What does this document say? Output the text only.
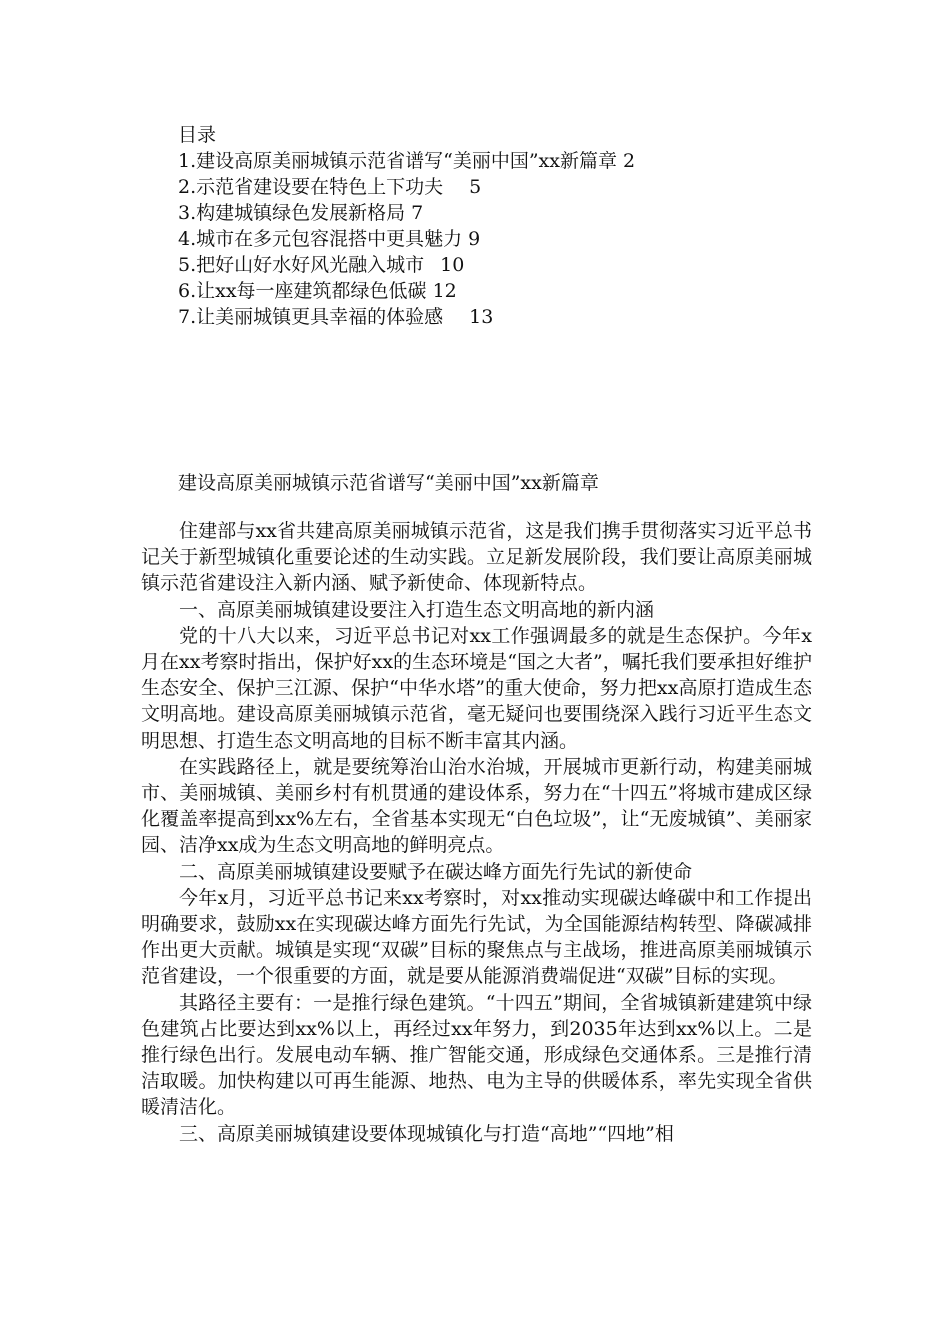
目录
1.建设高原美丽城镇示范省谱写“美丽中国”xx新篇章 2
2.示范省建设要在特色上下功夫 5
3.构建城镇绿色发展新格局 7
4.城市在多元包容混搭中更具魅力 9
5.把好山好水好风光融入城市 10
6.让xx每一座建筑都绿色低碳 12
7.让美丽城镇更具幸福的体验感 13
建设高原美丽城镇示范省谱写“美丽中国”xx新篇章

住建部与xx省共建高原美丽城镇示范省，这是我们携手贯彻落实习近平总书记关于新型城镇化重要论述的生动实践。立足新发展阶段，我们要让高原美丽城镇示范省建设注入新内涵、赋予新使命、体现新特点。

一、高原美丽城镇建设要注入打造生态文明高地的新内涵

党的十八大以来，习近平总书记对xx工作强调最多的就是生态保护。今年x月在xx考察时指出，保护好xx的生态环境是“国之大者”，嘱托我们要承担好维护生态安全、保护三江源、保护“中华水塔”的重大使命，努力把xx高原打造成生态文明高地。建设高原美丽城镇示范省，毫无疑问也要围绕深入践行习近平生态文明思想、打造生态文明高地的目标不断丰富其内涵。

在实践路径上，就是要统筹治山治水治城，开展城市更新行动，构建美丽城市、美丽城镇、美丽乡村有机贯通的建设体系，努力在“十四五”将城市建成区绿化覆盖率提高到xx%左右，全省基本实现无“白色垃圾”，让“无废城镇”、美丽家园、洁净xx成为生态文明高地的鲜明亮点。

二、高原美丽城镇建设要赋予在碳达峰方面先行先试的新使命

今年x月，习近平总书记来xx考察时，对xx推动实现碳达峰碳中和工作提出明确要求，鼓励xx在实现碳达峰方面先行先试，为全国能源结构转型、降碳减排作出更大贡献。城镇是实现“双碳”目标的聚焦点与主战场，推进高原美丽城镇示范省建设，一个很重要的方面，就是要从能源消费端促进“双碳”目标的实现。

其路径主要有：一是推行绿色建筑。“十四五”期间，全省城镇新建建筑中绿色建筑占比要达到xx%以上，再经过xx年努力，到2035年达到xx%以上。二是推行绿色出行。发展电动车辆、推广智能交通，形成绿色交通体系。三是推行清洁取暖。加快构建以可再生能源、地热、电为主导的供暖体系，率先实现全省供暖清洁化。

三、高原美丽城镇建设要体现城镇化与打造“高地”“四地”相
